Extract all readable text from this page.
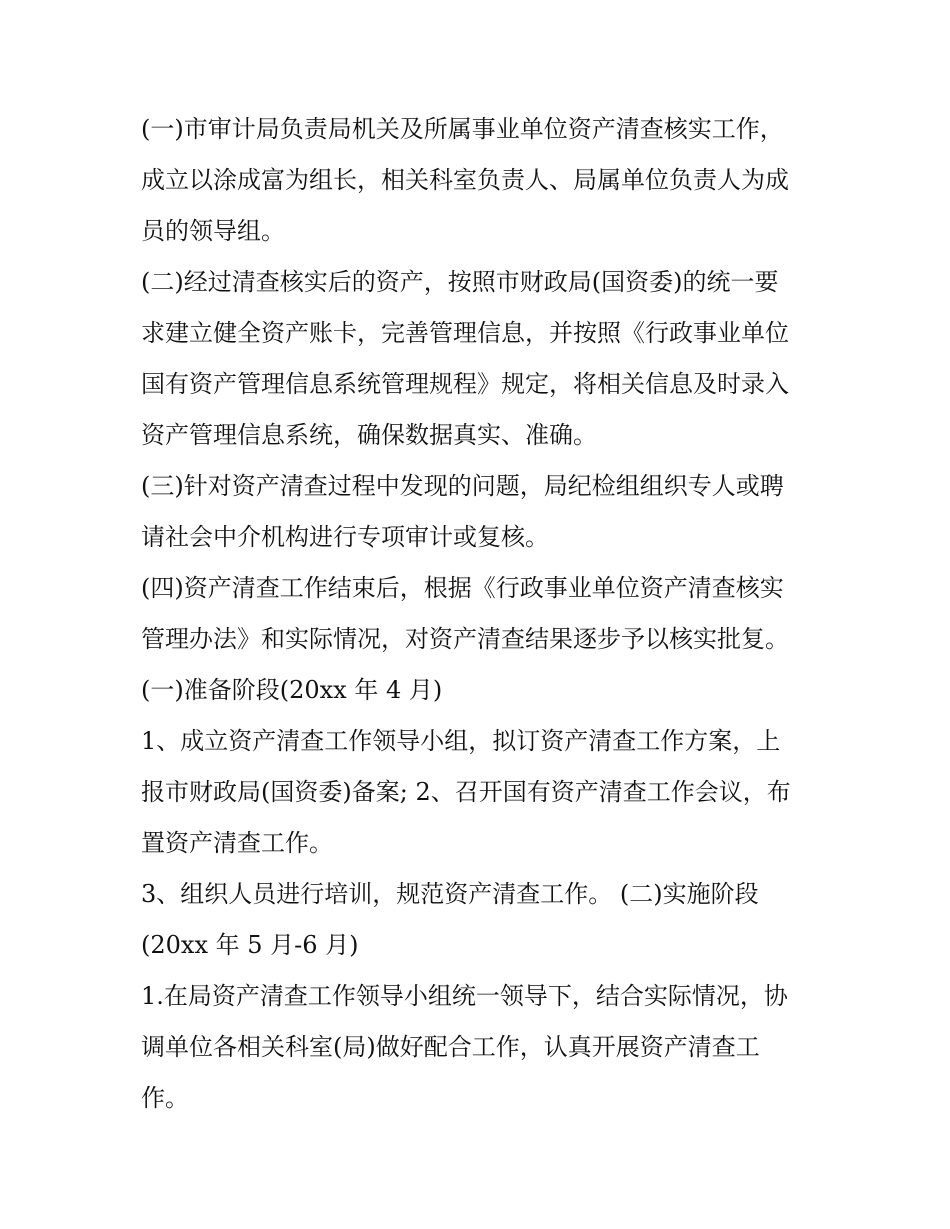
(一)市审计局负责局机关及所属事业单位资产清查核实工作，
成立以涂成富为组长，相关科室负责人、局属单位负责人为成
员的领导组。

(二)经过清查核实后的资产，按照市财政局(国资委)的统一要
求建立健全资产账卡，完善管理信息，并按照《行政事业单位
国有资产管理信息系统管理规程》规定，将相关信息及时录入
资产管理信息系统，确保数据真实、准确。

(三)针对资产清查过程中发现的问题，局纪检组组织专人或聘
请社会中介机构进行专项审计或复核。

(四)资产清查工作结束后，根据《行政事业单位资产清查核实
管理办法》和实际情况，对资产清查结果逐步予以核实批复。

(一)准备阶段(20xx 年 4 月)

1、成立资产清查工作领导小组，拟订资产清查工作方案，上
报市财政局(国资委)备案; 2、召开国有资产清查工作会议，布
置资产清查工作。

3、组织人员进行培训，规范资产清查工作。 (二)实施阶段
(20xx 年 5 月-6 月)

1.在局资产清查工作领导小组统一领导下，结合实际情况，协
调单位各相关科室(局)做好配合工作，认真开展资产清查工
作。
